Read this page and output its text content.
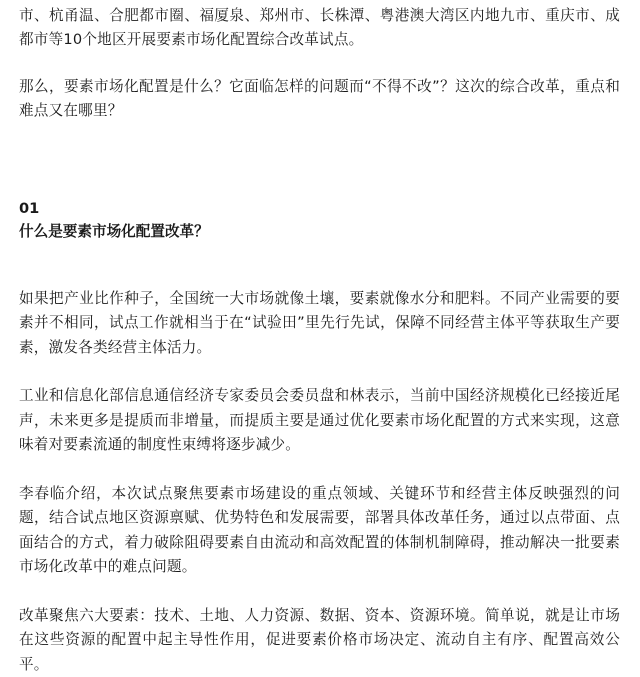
市、杭甬温、合肥都市圈、福厦泉、郑州市、长株潭、粤港澳大湾区内地九市、重庆市、成都市等10个地区开展要素市场化配置综合改革试点。

那么，要素市场化配置是什么？它面临怎样的问题而“不得不改”？这次的综合改革，重点和难点又在哪里？

01
什么是要素市场化配置改革？

如果把产业比作种子，全国统一大市场就像土壤，要素就像水分和肥料。不同产业需要的要素并不相同，试点工作就相当于在“试验田”里先行先试，保障不同经营主体平等获取生产要素，激发各类经营主体活力。

工业和信息化部信息通信经济专家委员会委员盘和林表示，当前中国经济规模化已经接近尾声，未来更多是提质而非增量，而提质主要是通过优化要素市场化配置的方式来实现，这意味着对要素流通的制度性束缚将逐步减少。

李春临介绍，本次试点聚焦要素市场建设的重点领域、关键环节和经营主体反映强烈的问题，结合试点地区资源禀赋、优势特色和发展需要，部署具体改革任务，通过以点带面、点面结合的方式，着力破除阻碍要素自由流动和高效配置的体制机制障碍，推动解决一批要素市场化改革中的难点问题。

改革聚焦六大要素：技术、土地、人力资源、数据、资本、资源环境。简单说，就是让市场在这些资源的配置中起主导性作用，促进要素价格市场决定、流动自主有序、配置高效公平。
